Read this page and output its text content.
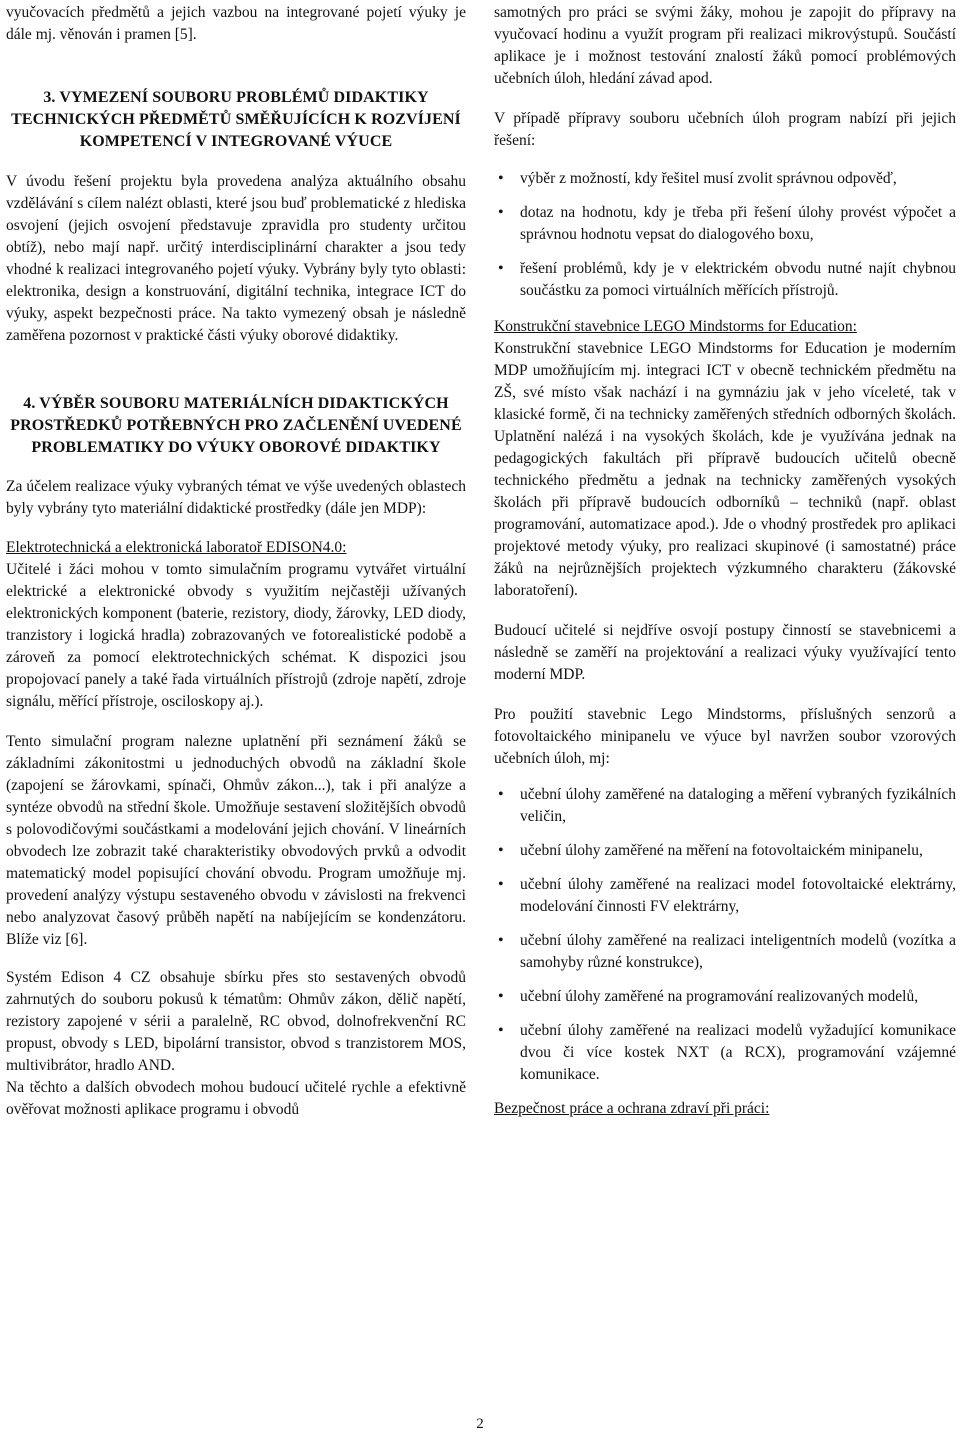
vyučovacích předmětů a jejich vazbou na integrované pojetí výuky je dále mj. věnován i pramen [5].

3. VYMEZENÍ SOUBORU PROBLÉMŮ DIDAKTIKY TECHNICKÝCH PŘEDMĚTŮ SMĚŘUJÍCÍCH K ROZVÍJENÍ KOMPETENCÍ V INTEGROVANÉ VÝUCE

V úvodu řešení projektu byla provedena analýza aktuálního obsahu vzdělávání s cílem nalézt oblasti, které jsou buď problematické z hlediska osvojení (jejich osvojení představuje zpravidla pro studenty určitou obtíž), nebo mají např. určitý interdisciplinární charakter a jsou tedy vhodné k realizaci integrovaného pojetí výuky. Vybrány byly tyto oblasti: elektronika, design a konstruování, digitální technika, integrace ICT do výuky, aspekt bezpečnosti práce. Na takto vymezený obsah je následně zaměřena pozornost v praktické části výuky oborové didaktiky.

4. VÝBĚR SOUBORU MATERIÁLNÍCH DIDAKTICKÝCH PROSTŘEDKŮ POTŘEBNÝCH PRO ZAČLENĚNÍ UVEDENÉ PROBLEMATIKY DO VÝUKY OBOROVÉ DIDAKTIKY

Za účelem realizace výuky vybraných témat ve výše uvedených oblastech byly vybrány tyto materiální didaktické prostředky (dále jen MDP):

Elektrotechnická a elektronická laboratoř EDISON4.0:

Učitelé i žáci mohou v tomto simulačním programu vytvářet virtuální elektrické a elektronické obvody s využitím nejčastěji užívaných elektronických komponent (baterie, rezistory, diody, žárovky, LED diody, tranzistory i logická hradla) zobrazovaných ve fotorealistické podobě a zároveň za pomocí elektrotechnických schémat. K dispozici jsou propojovací panely a také řada virtuálních přístrojů (zdroje napětí, zdroje signálu, měřící přístroje, osciloskopy aj.).

Tento simulační program nalezne uplatnění při seznámení žáků se základními zákonitostmi u jednoduchých obvodů na základní škole (zapojení se žárovkami, spínači, Ohmův zákon...), tak i při analýze a syntéze obvodů na střední škole. Umožňuje sestavení složitějších obvodů s polovodičovými součástkami a modelování jejich chování. V lineárních obvodech lze zobrazit také charakteristiky obvodových prvků a odvodit matematický model popisující chování obvodu. Program umožňuje mj. provedení analýzy výstupu sestaveného obvodu v závislosti na frekvenci nebo analyzovat časový průběh napětí na nabíjejícím se kondenzátoru. Blíže viz [6].

Systém Edison 4 CZ obsahuje sbírku přes sto sestavených obvodů zahrnutých do souboru pokusů k tématům: Ohmův zákon, dělič napětí, rezistory zapojené v sérii a paralelně, RC obvod, dolnofrekvenční RC propust, obvody s LED, bipolární transistor, obvod s tranzistorem MOS, multivibrátor, hradlo AND.

Na těchto a dalších obvodech mohou budoucí učitelé rychle a efektivně ověřovat možnosti aplikace programu i obvodů

samotných pro práci se svými žáky, mohou je zapojit do přípravy na vyučovací hodinu a využít program při realizaci mikrovýstupů. Součástí aplikace je i možnost testování znalostí žáků pomocí problémových učebních úloh, hledání závad apod.

V případě přípravy souboru učebních úloh program nabízí při jejich řešení:

• výběr z možností, kdy řešitel musí zvolit správnou odpověď,

• dotaz na hodnotu, kdy je třeba při řešení úlohy provést výpočet a správnou hodnotu vepsat do dialogového boxu,

• řešení problémů, kdy je v elektrickém obvodu nutné najít chybnou součástku za pomoci virtuálních měřících přístrojů.

Konstrukční stavebnice LEGO Mindstorms for Education:

Konstrukční stavebnice LEGO Mindstorms for Education je moderním MDP umožňujícím mj. integraci ICT v obecně technickém předmětu na ZŠ, své místo však nachází i na gymnáziu jak v jeho víceleté, tak v klasické formě, či na technicky zaměřených středních odborných školách. Uplatnění nalézá i na vysokých školách, kde je využívána jednak na pedagogických fakultách při přípravě budoucích učitelů obecně technického předmětu a jednak na technicky zaměřených vysokých školách při přípravě budoucích odborníků – techniků (např. oblast programování, automatizace apod.). Jde o vhodný prostředek pro aplikaci projektové metody výuky, pro realizaci skupinové (i samostatné) práce žáků na nejrůznějších projektech výzkumného charakteru (žákovské laboratoření).

Budoucí učitelé si nejdříve osvojí postupy činností se stavebnicemi a následně se zaměří na projektování a realizaci výuky využívající tento moderní MDP.

Pro použití stavebnic Lego Mindstorms, příslušných senzorů a fotovoltaického minipanelu ve výuce byl navržen soubor vzorových učebních úloh, mj:

• učební úlohy zaměřené na dataloging a měření vybraných fyzikálních veličin,

• učební úlohy zaměřené na měření na fotovoltaickém minipanelu,

• učební úlohy zaměřené na realizaci model fotovoltaické elektrárny, modelování činnosti FV elektrárny,

• učební úlohy zaměřené na realizaci inteligentních modelů (vozítka a samohyby různé konstrukce),

• učební úlohy zaměřené na programování realizovaných modelů,

• učební úlohy zaměřené na realizaci modelů vyžadující komunikace dvou či více kostek NXT (a RCX), programování vzájemné komunikace.

Bezpečnost práce a ochrana zdraví při práci:

2
